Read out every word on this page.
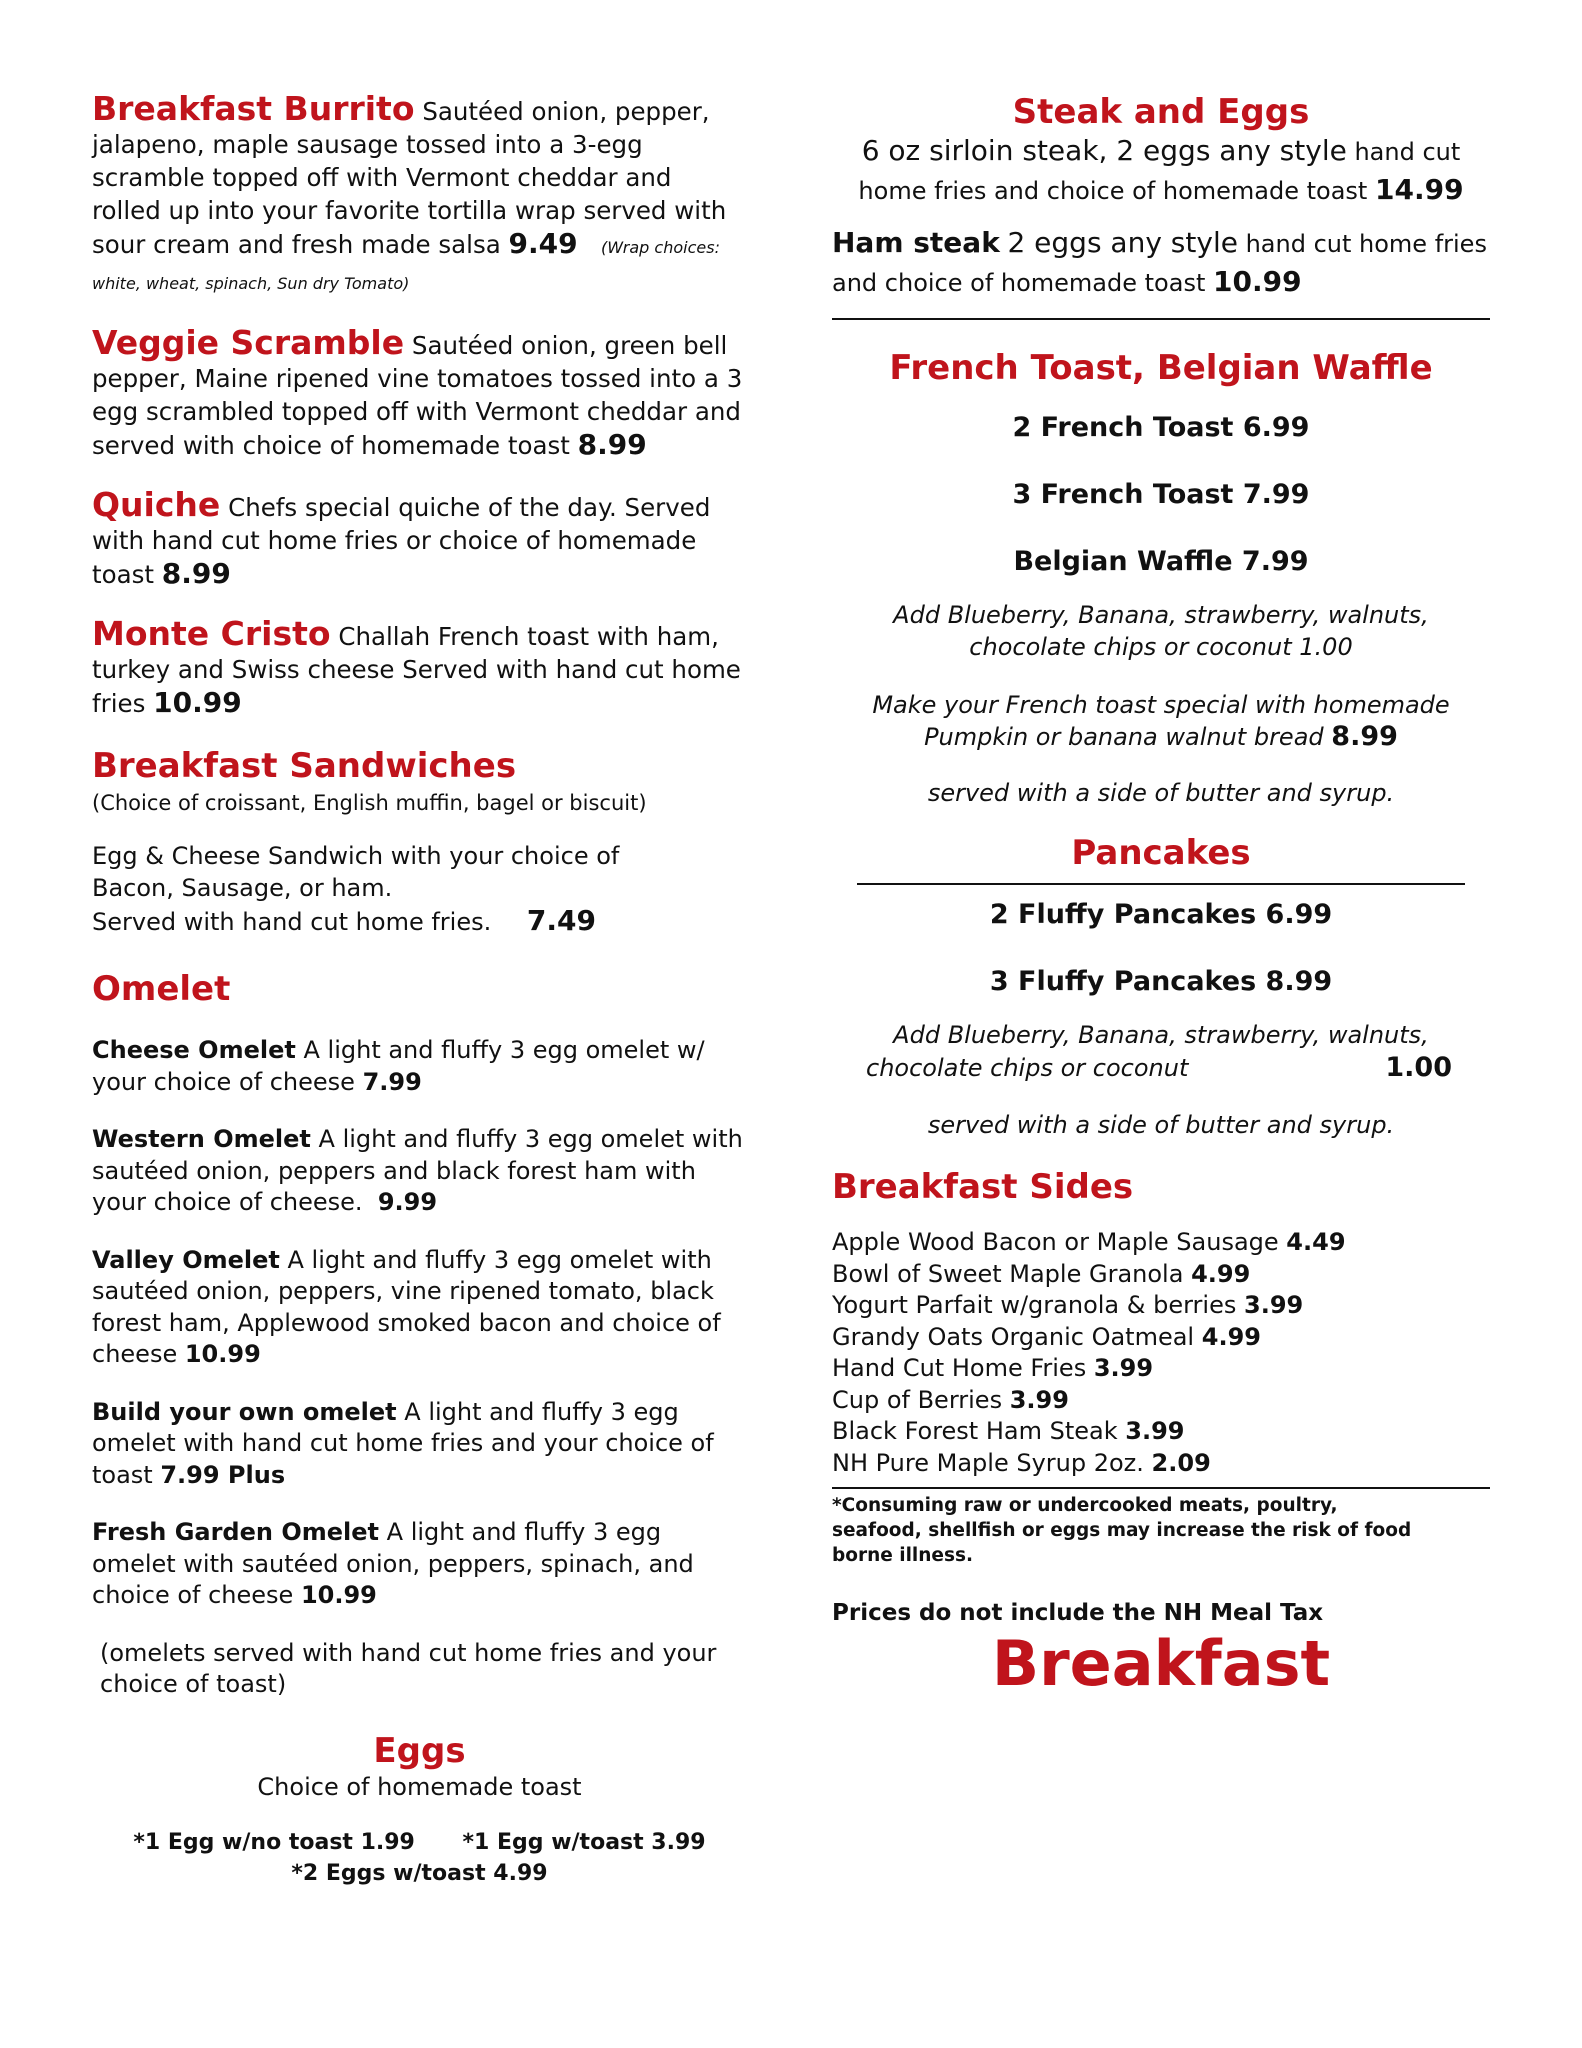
Breakfast Burrito Sautéed onion, pepper, jalapeno, maple sausage tossed into a 3-egg scramble topped off with Vermont cheddar and rolled up into your favorite tortilla wrap served with sour cream and fresh made salsa 9.49 (Wrap choices: white, wheat, spinach, Sun dry Tomato)
Veggie Scramble Sautéed onion, green bell pepper, Maine ripened vine tomatoes tossed into a 3 egg scrambled topped off with Vermont cheddar and served with choice of homemade toast 8.99
Quiche Chefs special quiche of the day. Served with hand cut home fries or choice of homemade toast 8.99
Monte Cristo Challah French toast with ham, turkey and Swiss cheese Served with hand cut home fries 10.99
Breakfast Sandwiches
(Choice of croissant, English muffin, bagel or biscuit)
Egg & Cheese Sandwich with your choice of Bacon, Sausage, or ham.
Served with hand cut home fries. 7.49
Omelet
Cheese Omelet A light and fluffy 3 egg omelet w/ your choice of cheese 7.99
Western Omelet A light and fluffy 3 egg omelet with sautéed onion, peppers and black forest ham with your choice of cheese. 9.99
Valley Omelet A light and fluffy 3 egg omelet with sautéed onion, peppers, vine ripened tomato, black forest ham, Applewood smoked bacon and choice of cheese 10.99
Build your own omelet A light and fluffy 3 egg omelet with hand cut home fries and your choice of toast 7.99 Plus
Fresh Garden Omelet A light and fluffy 3 egg omelet with sautéed onion, peppers, spinach, and choice of cheese 10.99
(omelets served with hand cut home fries and your choice of toast)
Eggs
Choice of homemade toast
*1 Egg w/no toast 1.99 *1 Egg w/toast 3.99
*2 Eggs w/toast 4.99
Steak and Eggs
6 oz sirloin steak, 2 eggs any style hand cut home fries and choice of homemade toast 14.99
Ham steak 2 eggs any style hand cut home fries and choice of homemade toast 10.99
French Toast, Belgian Waffle
2 French Toast 6.99
3 French Toast 7.99
Belgian Waffle 7.99
Add Blueberry, Banana, strawberry, walnuts, chocolate chips or coconut 1.00
Make your French toast special with homemade Pumpkin or banana walnut bread 8.99
served with a side of butter and syrup.
Pancakes
2 Fluffy Pancakes 6.99
3 Fluffy Pancakes 8.99
Add Blueberry, Banana, strawberry, walnuts,
chocolate chips or coconut	1.00
served with a side of butter and syrup.
Breakfast Sides
Apple Wood Bacon or Maple Sausage 4.49
Bowl of Sweet Maple Granola 4.99
Yogurt Parfait w/granola & berries 3.99
Grandy Oats Organic Oatmeal 4.99
Hand Cut Home Fries 3.99
Cup of Berries 3.99
Black Forest Ham Steak 3.99
NH Pure Maple Syrup 2oz. 2.09
*Consuming raw or undercooked meats, poultry, seafood, shellfish or eggs may increase the risk of food borne illness.
Prices do not include the NH Meal Tax
Breakfast
